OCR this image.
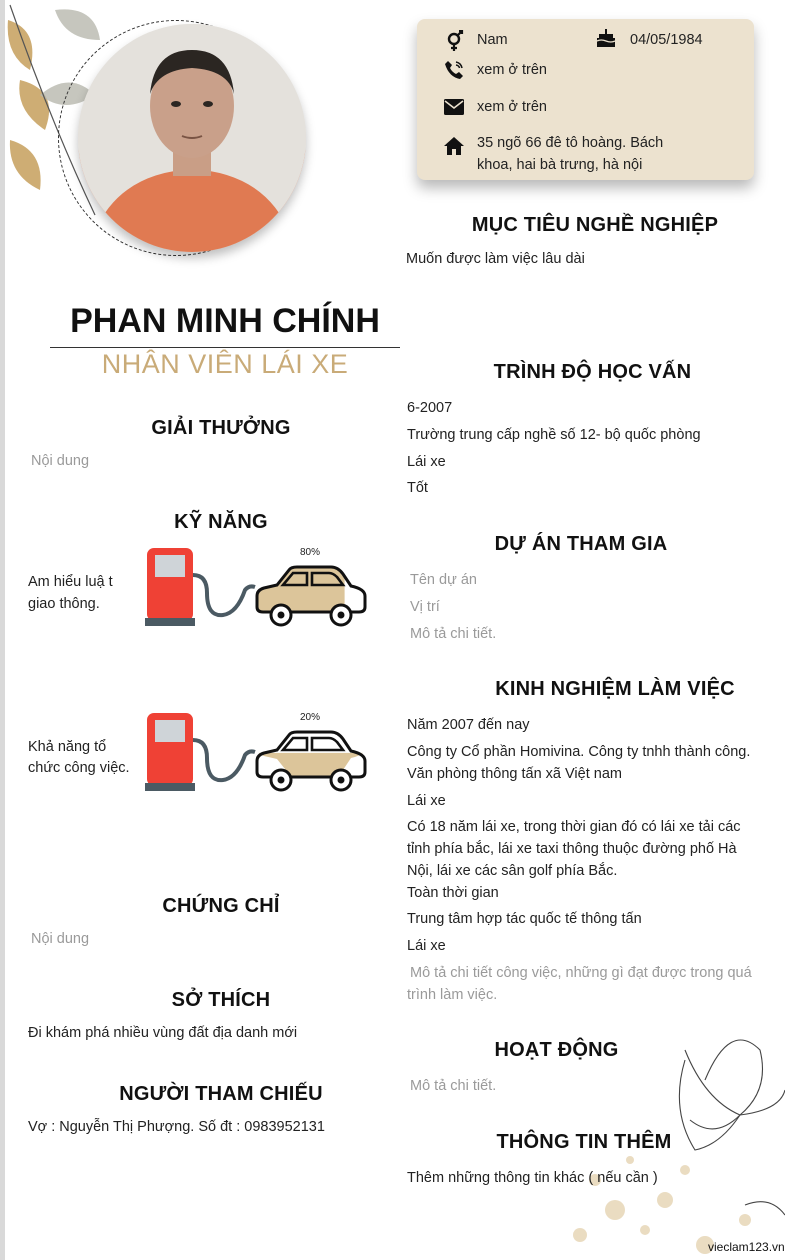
Nam	04/05/1984
xem ở trên
xem ở trên
35 ngõ 66 đê tô hoàng. Bách
khoa, hai bà trưng, hà nội
PHAN MINH CHÍNH
NHÂN VIÊN LÁI XE
MỤC TIÊU NGHỀ NGHIỆP
Muốn được làm việc lâu dài
TRÌNH ĐỘ HỌC VẤN
6-2007
Trường trung cấp nghề số 12- bộ quốc phòng
Lái xe
Tốt
DỰ ÁN THAM GIA
Tên dự án
Vị trí
Mô tả chi tiết.
KINH NGHIỆM LÀM VIỆC
Năm 2007 đến nay
Công ty Cổ phần Homivina. Công ty tnhh thành công.
Văn phòng thông tấn xã Việt nam
Lái xe
Có 18 năm lái xe, trong thời gian đó có lái xe tải các
tỉnh phía bắc, lái xe taxi thông thuộc đường phố Hà
Nội, lái xe các sân golf phía Bắc.
Toàn thời gian
Trung tâm hợp tác quốc tế thông tấn
Lái xe
Mô tả chi tiết công việc, những gì đạt được trong quá
trình làm việc.
HOẠT ĐỘNG
Mô tả chi tiết.
THÔNG TIN THÊM
Thêm những thông tin khác ( nếu cần )
GIẢI THƯỞNG
Nội dung
KỸ NĂNG
Am hiểu luậ t
giao thông.
80%
Khả năng tổ
chức công việc.
20%
CHỨNG CHỈ
Nội dung
SỞ THÍCH
Đi khám phá nhiều vùng đất địa danh mới
NGƯỜI THAM CHIẾU
Vợ : Nguyễn Thị Phượng. Số đt : 0983952131
vieclam123.vn
